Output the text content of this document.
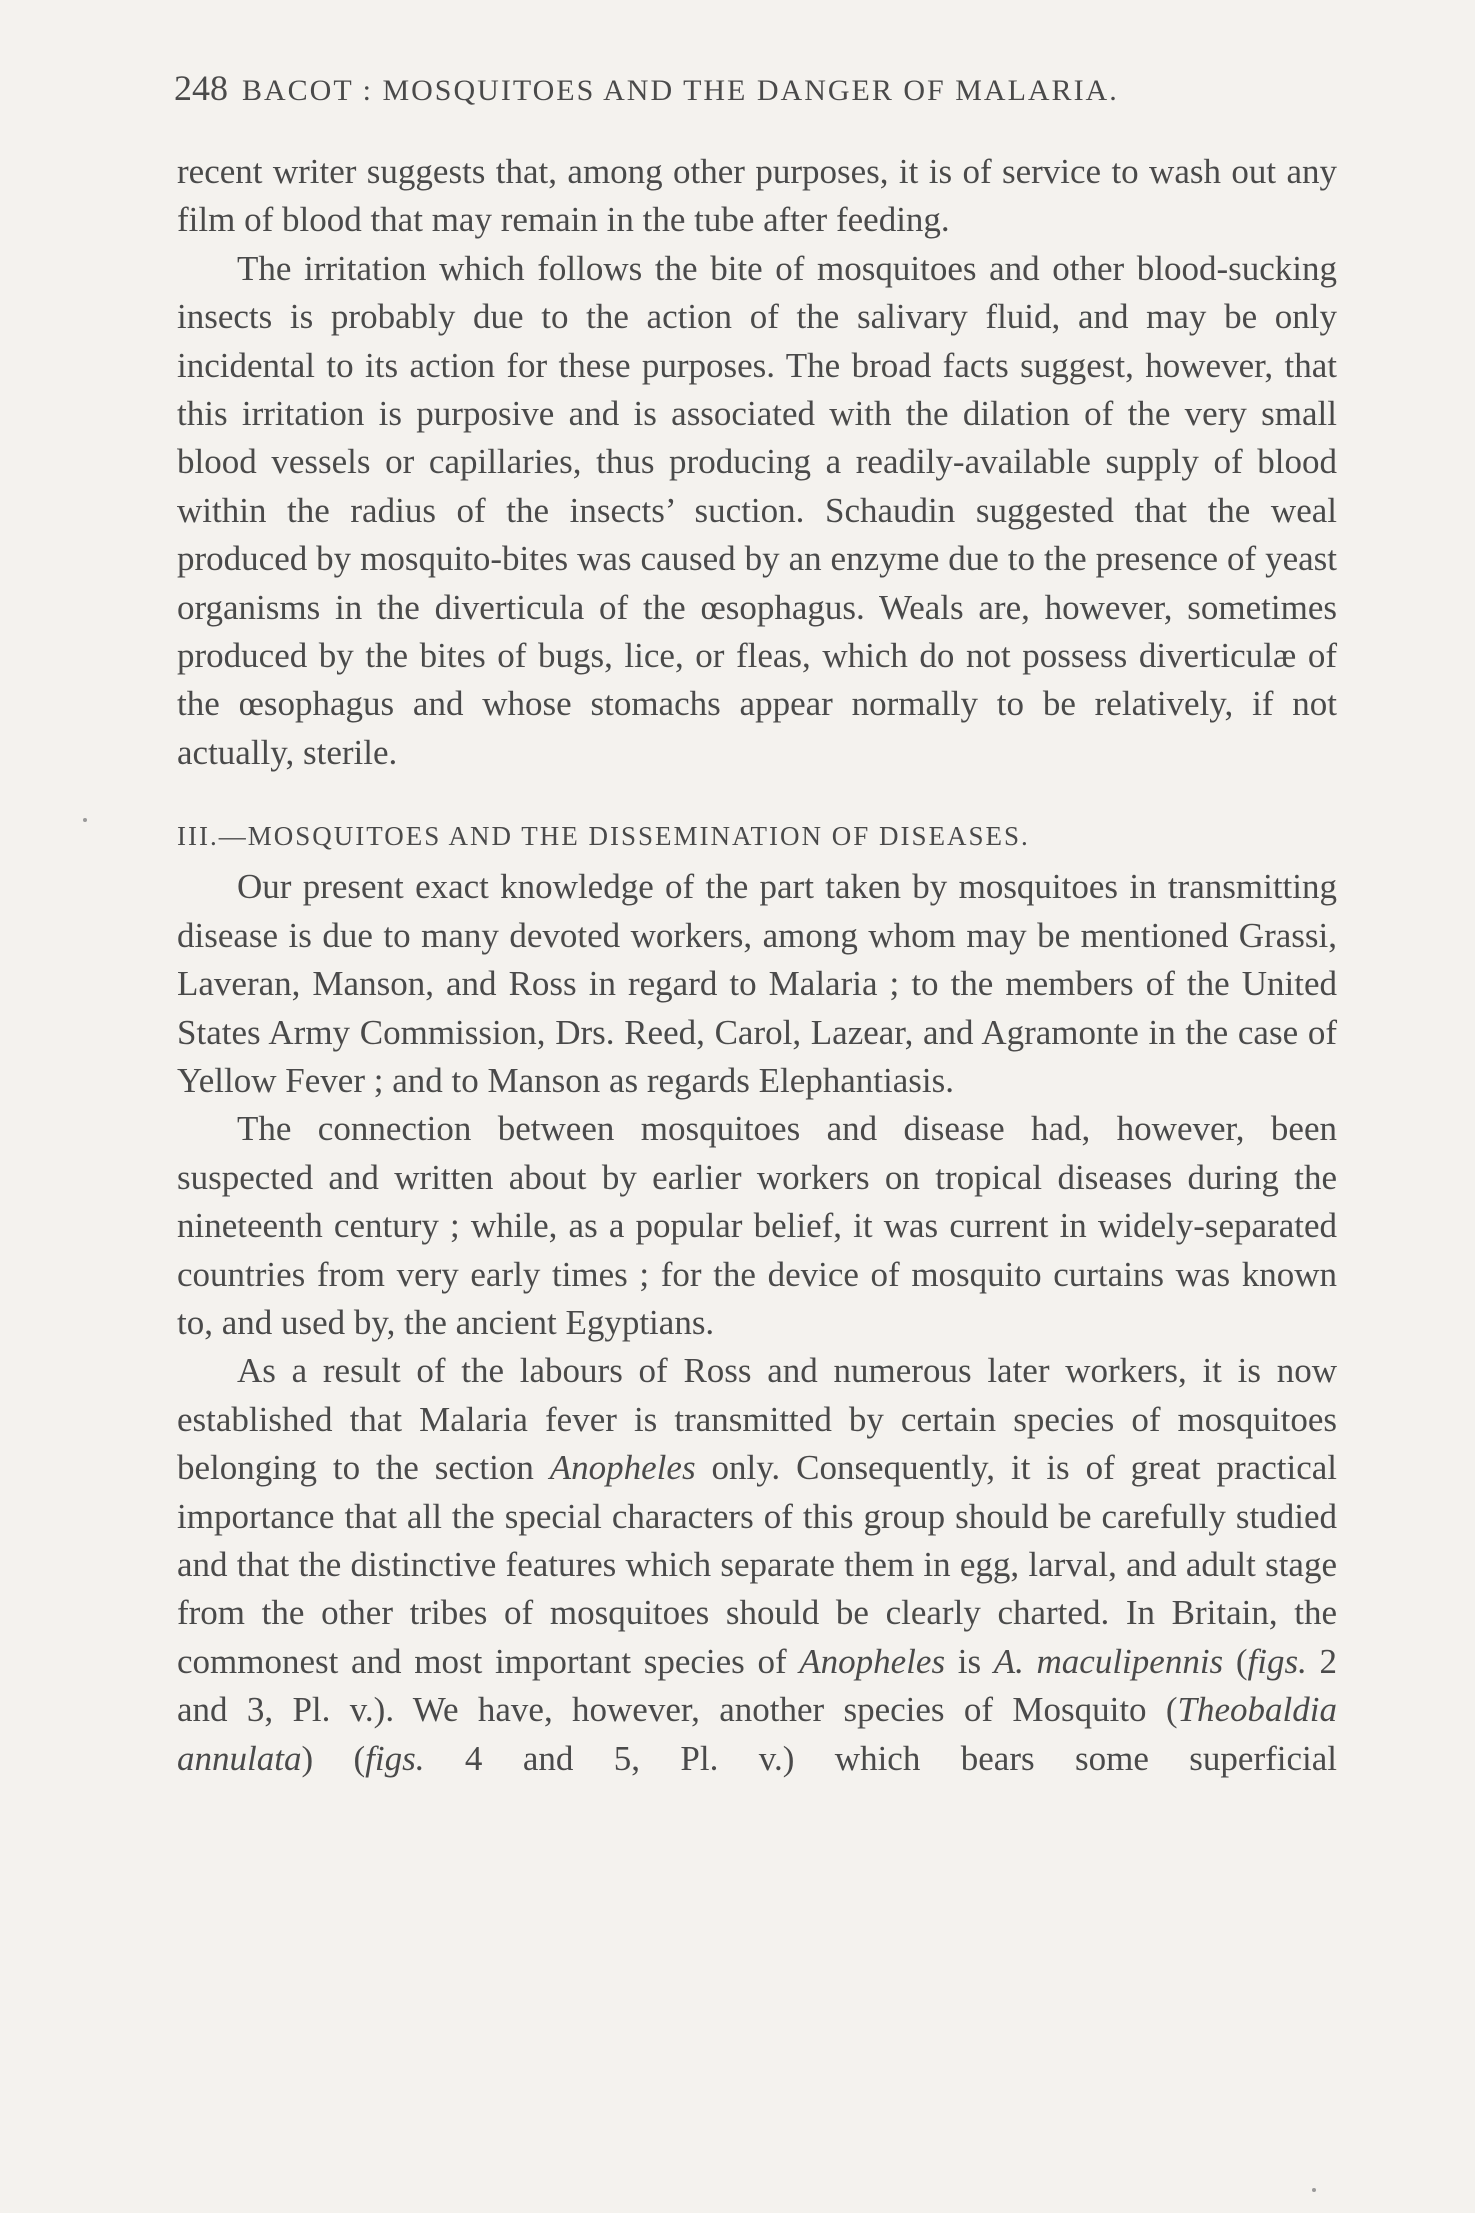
248 BACOT : MOSQUITOES AND THE DANGER OF MALARIA.

recent writer suggests that, among other purposes, it is of service to wash out any film of blood that may remain in the tube after feeding.

The irritation which follows the bite of mosquitoes and other blood-sucking insects is probably due to the action of the salivary fluid, and may be only incidental to its action for these purposes. The broad facts suggest, however, that this irritation is purposive and is associated with the dilation of the very small blood vessels or capillaries, thus producing a readily-available supply of blood within the radius of the insects’ suction. Schaudin suggested that the weal produced by mosquito-bites was caused by an enzyme due to the presence of yeast organisms in the diverticula of the œsophagus. Weals are, however, sometimes produced by the bites of bugs, lice, or fleas, which do not possess diverticulæ of the œsophagus and whose stomachs appear normally to be relatively, if not actually, sterile.

III.—MOSQUITOES AND THE DISSEMINATION OF DISEASES.

Our present exact knowledge of the part taken by mosquitoes in transmitting disease is due to many devoted workers, among whom may be mentioned Grassi, Laveran, Manson, and Ross in regard to Malaria ; to the members of the United States Army Commission, Drs. Reed, Carol, Lazear, and Agramonte in the case of Yellow Fever ; and to Manson as regards Elephantiasis.

The connection between mosquitoes and disease had, however, been suspected and written about by earlier workers on tropical diseases during the nineteenth century ; while, as a popular belief, it was current in widely-separated countries from very early times ; for the device of mosquito curtains was known to, and used by, the ancient Egyptians.

As a result of the labours of Ross and numerous later workers, it is now established that Malaria fever is transmitted by certain species of mosquitoes belonging to the section Anopheles only. Consequently, it is of great practical importance that all the special characters of this group should be carefully studied and that the distinctive features which separate them in egg, larval, and adult stage from the other tribes of mosquitoes should be clearly charted. In Britain, the commonest and most important species of Anopheles is A. maculipennis (figs. 2 and 3, Pl. v.). We have, however, another species of Mosquito (Theobaldia annulata) (figs. 4 and 5, Pl. v.) which bears some superficial
